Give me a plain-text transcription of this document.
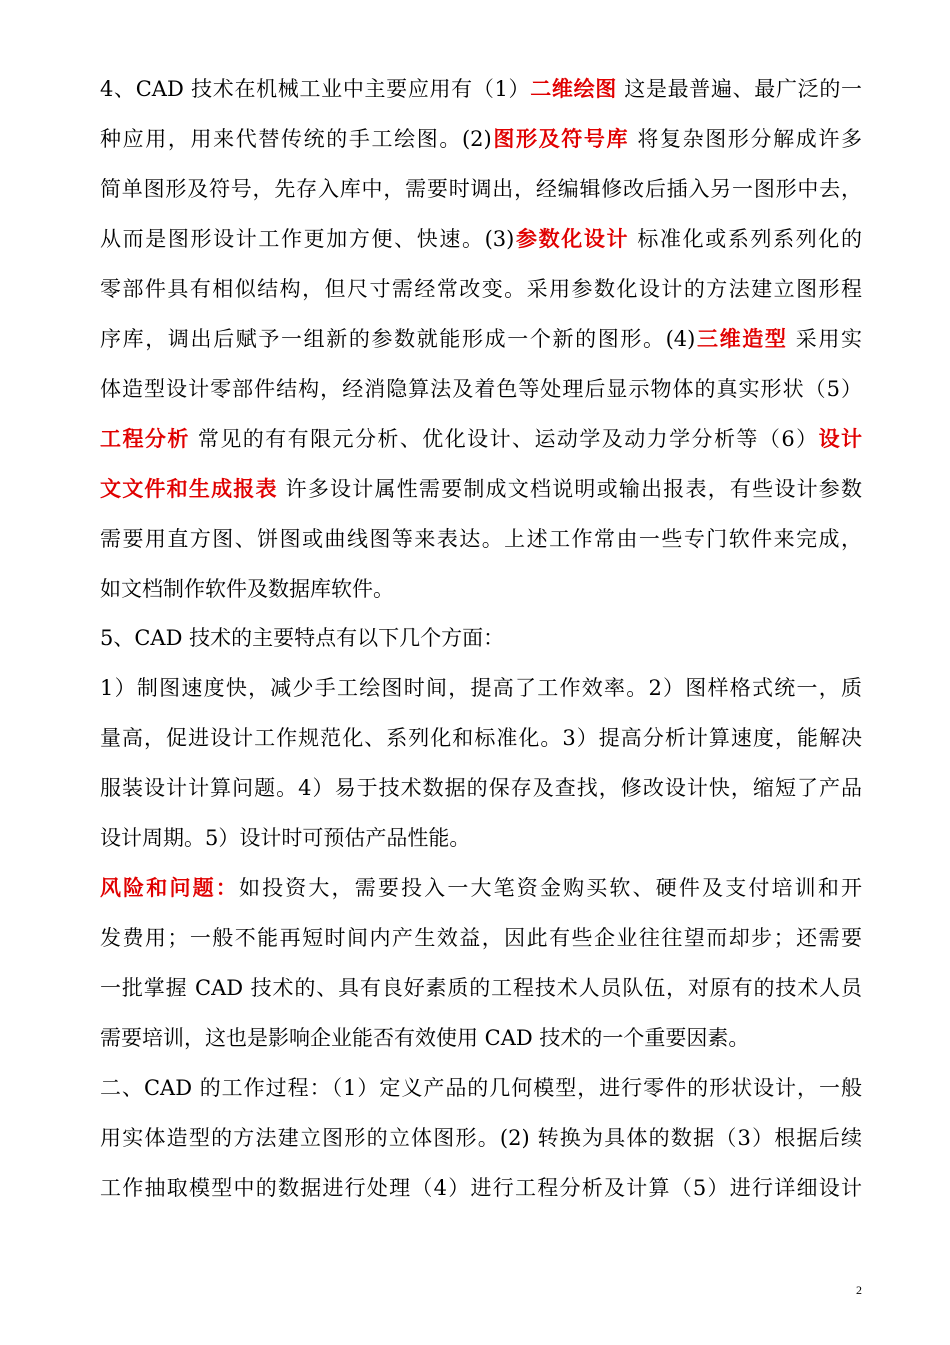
4、CAD 技术在机械工业中主要应用有（1）二维绘图 这是最普遍、最广泛的一
种应用，用来代替传统的手工绘图。(2)图形及符号库 将复杂图形分解成许多
简单图形及符号，先存入库中，需要时调出，经编辑修改后插入另一图形中去，
从而是图形设计工作更加方便、快速。(3)参数化设计 标准化或系列系列化的
零部件具有相似结构，但尺寸需经常改变。采用参数化设计的方法建立图形程
序库，调出后赋予一组新的参数就能形成一个新的图形。(4)三维造型 采用实
体造型设计零部件结构，经消隐算法及着色等处理后显示物体的真实形状（5）
工程分析 常见的有有限元分析、优化设计、运动学及动力学分析等（6）设计
文文件和生成报表 许多设计属性需要制成文档说明或输出报表，有些设计参数
需要用直方图、饼图或曲线图等来表达。上述工作常由一些专门软件来完成，
如文档制作软件及数据库软件。
5、CAD 技术的主要特点有以下几个方面：
1）制图速度快，减少手工绘图时间，提高了工作效率。2）图样格式统一，质
量高，促进设计工作规范化、系列化和标准化。3）提高分析计算速度，能解决
服装设计计算问题。4）易于技术数据的保存及查找，修改设计快，缩短了产品
设计周期。5）设计时可预估产品性能。
风险和问题：如投资大，需要投入一大笔资金购买软、硬件及支付培训和开
发费用；一般不能再短时间内产生效益，因此有些企业往往望而却步；还需要
一批掌握 CAD 技术的、具有良好素质的工程技术人员队伍，对原有的技术人员
需要培训，这也是影响企业能否有效使用 CAD 技术的一个重要因素。
二、CAD 的工作过程：（1）定义产品的几何模型，进行零件的形状设计，一般
用实体造型的方法建立图形的立体图形。(2) 转换为具体的数据（3）根据后续
工作抽取模型中的数据进行处理（4）进行工程分析及计算（5）进行详细设计
2
